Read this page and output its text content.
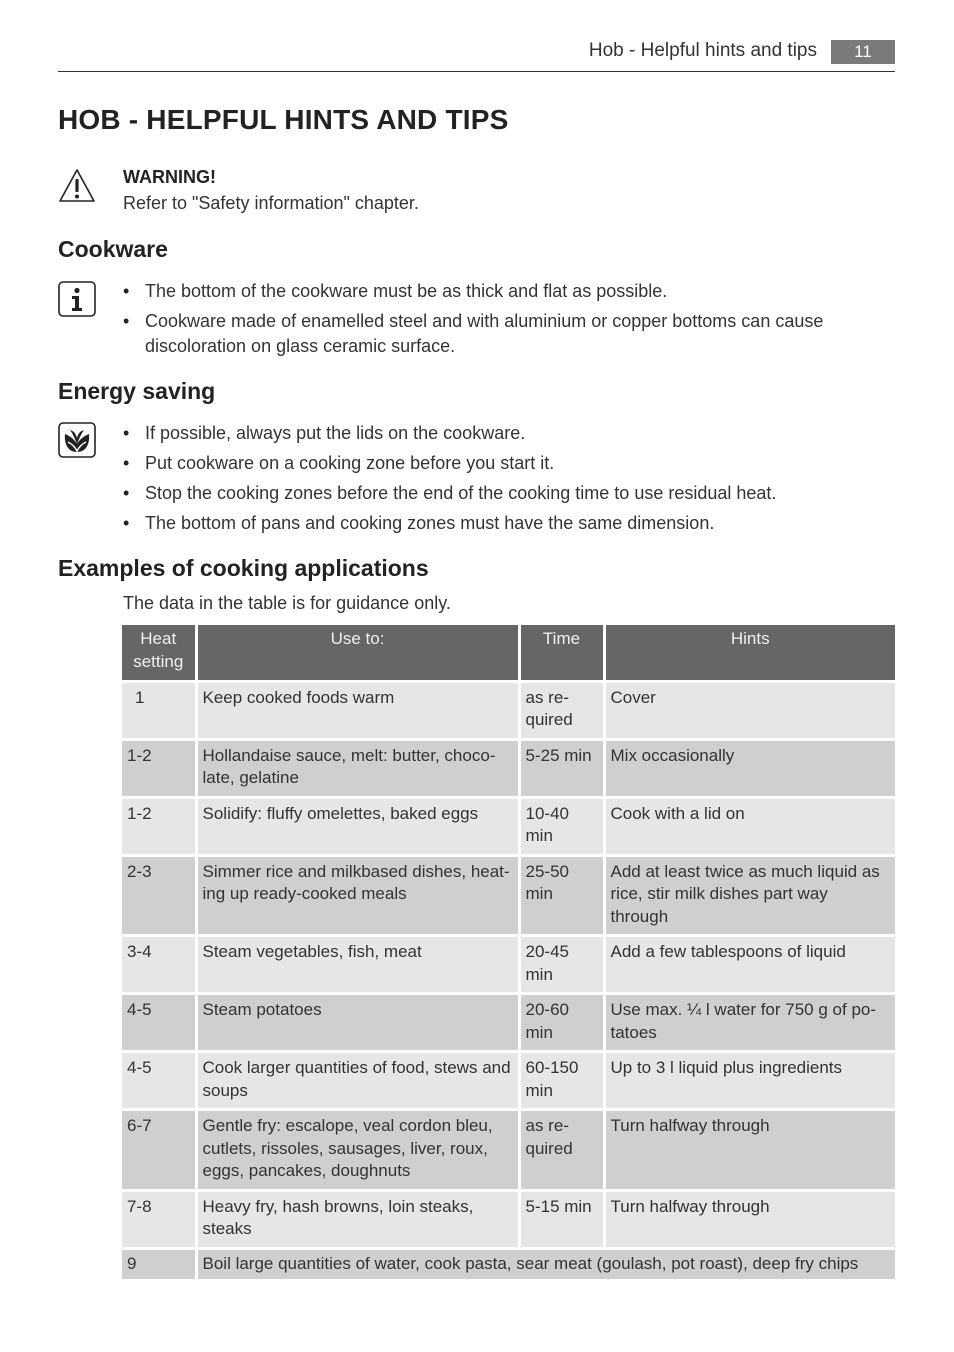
Hob - Helpful hints and tips	11
HOB - HELPFUL HINTS AND TIPS
WARNING!
Refer to "Safety information" chapter.
Cookware
• The bottom of the cookware must be as thick and flat as possible.
• Cookware made of enamelled steel and with aluminium or copper bottoms can cause discoloration on glass ceramic surface.
Energy saving
• If possible, always put the lids on the cookware.
• Put cookware on a cooking zone before you start it.
• Stop the cooking zones before the end of the cooking time to use residual heat.
• The bottom of pans and cooking zones must have the same dimension.
Examples of cooking applications
The data in the table is for guidance only.
Heat setting	Use to:	Time	Hints
1	Keep cooked foods warm	as re-quired	Cover
1-2	Hollandaise sauce, melt: butter, choco-late, gelatine	5-25 min	Mix occasionally
1-2	Solidify: fluffy omelettes, baked eggs	10-40 min	Cook with a lid on
2-3	Simmer rice and milkbased dishes, heat-ing up ready-cooked meals	25-50 min	Add at least twice as much liquid as rice, stir milk dishes part way through
3-4	Steam vegetables, fish, meat	20-45 min	Add a few tablespoons of liquid
4-5	Steam potatoes	20-60 min	Use max. ¼ l water for 750 g of po-tatoes
4-5	Cook larger quantities of food, stews and soups	60-150 min	Up to 3 l liquid plus ingredients
6-7	Gentle fry: escalope, veal cordon bleu, cutlets, rissoles, sausages, liver, roux, eggs, pancakes, doughnuts	as re-quired	Turn halfway through
7-8	Heavy fry, hash browns, loin steaks, steaks	5-15 min	Turn halfway through
9	Boil large quantities of water, cook pasta, sear meat (goulash, pot roast), deep fry chips		
